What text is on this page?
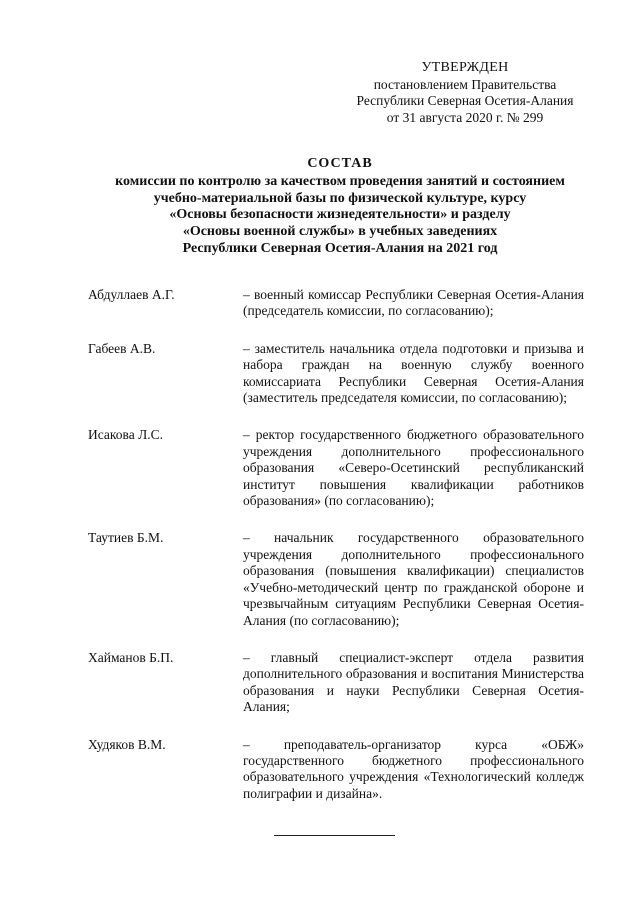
УТВЕРЖДЕН
постановлением Правительства
Республики Северная Осетия-Алания
от 31 августа 2020 г. № 299
СОСТАВ
комиссии по контролю за качеством проведения занятий и состоянием
учебно-материальной базы по физической культуре, курсу
«Основы безопасности жизнедеятельности» и разделу
«Основы военной службы» в учебных заведениях
Республики Северная Осетия-Алания на 2021 год
Абдуллаев А.Г.	– военный комиссар Республики Северная Осетия-Алания (председатель комиссии, по согласованию);
Габеев А.В.	– заместитель начальника отдела подготовки и призыва и набора граждан на военную службу военного комиссариата Республики Северная Осетия-Алания (заместитель председателя комиссии, по согласованию);
Исакова Л.С.	– ректор государственного бюджетного образовательного учреждения дополнительного профессионального образования «Северо-Осетинский республиканский институт повышения квалификации работников образования» (по согласованию);
Таутиев Б.М.	– начальник государственного образовательного учреждения дополнительного профессионального образования (повышения квалификации) специалистов «Учебно-методический центр по гражданской обороне и чрезвычайным ситуациям Республики Северная Осетия-Алания (по согласованию);
Хайманов Б.П.	– главный специалист-эксперт отдела развития дополнительного образования и воспитания Министерства образования и науки Республики Северная Осетия-Алания;
Худяков В.М.	– преподаватель-организатор курса «ОБЖ» государственного бюджетного профессионального образовательного учреждения «Технологический колледж полиграфии и дизайна».
